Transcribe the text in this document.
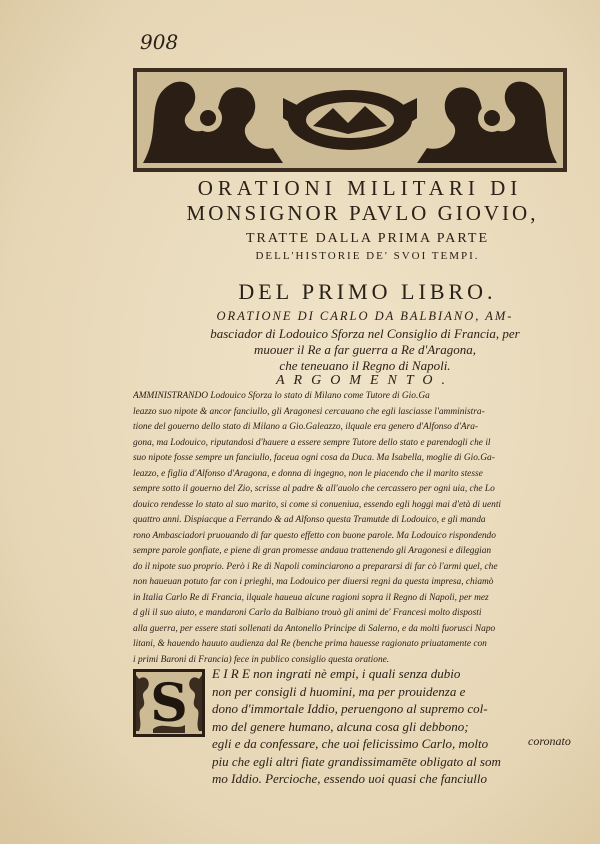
908
ORATIONI MILITARI DI
MONSIGNOR PAVLO GIOVIO,
TRATTE DALLA PRIMA PARTE
DELL'HISTORIE DE' SVOI TEMPI.
DEL PRIMO LIBRO.
ORATIONE DI CARLO DA BALBIANO, AM-
basciador di Lodouico Sforza nel Consiglio di Francia, per
muouer il Re a far guerra a Re d'Aragona,
che teneuano il Regno di Napoli.
ARGOMENTO.
AMMINISTRANDO Lodouico Sforza lo stato di Milano come Tutore di Gio.Ga
leazzo suo nipote & ancor fanciullo, gli Aragonesi cercauano che egli lasciasse l'amministra-
tione del gouerno dello stato di Milano a Gio.Galeazzo, ilquale era genero d'Alfonso d'Ara-
gona, ma Lodouico, riputandosi d'hauere a essere sempre Tutore dello stato e parendogli che il
suo nipote fosse sempre un fanciullo, faceua ogni cosa da Duca. Ma Isabella, moglie di Gio.Ga-
leazzo, e figlia d'Alfonso d'Aragona, e donna di ingegno, non le piacendo che il marito stesse
sempre sotto il gouerno del Zio, scrisse al padre & all'auolo che cercassero per ogni uia, che Lo
douico rendesse lo stato al suo marito, si come si conueniua, essendo egli hoggi mai d'età di uenti
quattro anni. Dispiacque a Ferrando & ad Alfonso questa Tramutde di Lodouico, e gli manda
rono Ambasciadori pruouando di far questo effetto con buone parole. Ma Lodouico rispondendo
sempre parole gonfiate, e piene di gran promesse andaua trattenendo gli Aragonesi e dileggian
do il nipote suo proprio. Però i Re di Napoli cominciarono a prepararsi di far cò l'armi quel, che
non haueuan potuto far con i prieghi, ma Lodouico per diuersi regni da questa impresa, chiamò
in Italia Carlo Re di Francia, ilquale haueua alcune ragioni sopra il Regno di Napoli, per mez
d gli il suo aiuto, e mandaroni Carlo da Balbiano trouò gli animi de' Francesi molto disposti
alla guerra, per essere stati sollenati da Antonello Principe di Salerno, e da molti fuorusci Napo
litani, & hauendo hauuto audienza dal Re (benche prima hauesse ragionato priuatamente con
i primi Baroni di Francia) fece in publico consiglio questa oratione.
S E I R E non ingrati nè empi, i quali senza dubio
non per consigli d huomini, ma per prouidenza e
dono d'immortale Iddio, peruengono al supremo col-
mo del genere humano, alcuna cosa gli debbono;
egli e da confessare, che uoi felicissimo Carlo, molto
piu che egli altri fiate grandissimamēte obligato al som
mo Iddio. Percioche, essendo uoi quasi che fanciullo
coronato
